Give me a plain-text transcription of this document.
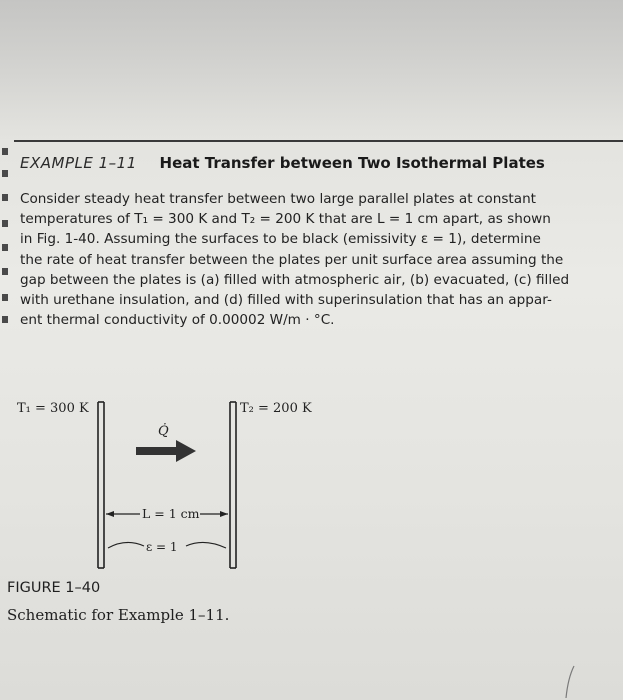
EXAMPLE 1–11 Heat Transfer between Two Isothermal Plates
Consider steady heat transfer between two large parallel plates at constant
temperatures of T₁ = 300 K and T₂ = 200 K that are L = 1 cm apart, as shown
in Fig. 1-40. Assuming the surfaces to be black (emissivity ε = 1), determine
the rate of heat transfer between the plates per unit surface area assuming the
gap between the plates is (a) filled with atmospheric air, (b) evacuated, (c) filled
with urethane insulation, and (d) filled with superinsulation that has an appar-
ent thermal conductivity of 0.00002 W/m · °C.
T₁ = 300 K	T₂ = 200 K
Q̇
L = 1 cm
ε = 1
FIGURE 1–40
Schematic for Example 1–11.
